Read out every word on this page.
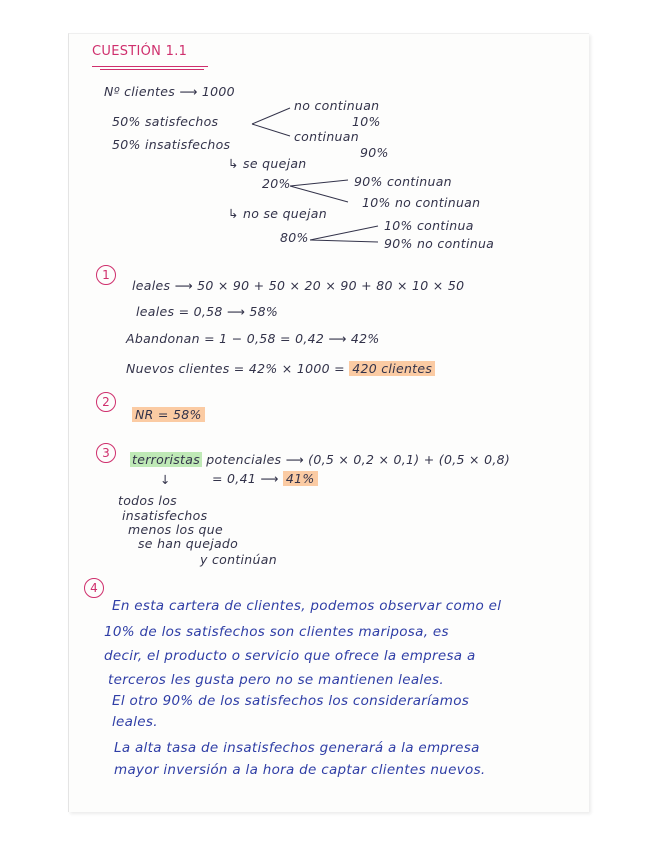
CUESTIÓN 1.1
Nº clientes ⟶ 1000
no continuan
50% satisfechos	10%
continuan
50% insatisfechos
90%
↳ se quejan
20%	90% continuan
10% no continuan
↳ no se quejan
80%
10% continua
90% no continua
1
leales ⟶ 50 × 90 + 50 × 20 × 90 + 80 × 10 × 50
leales = 0,58 ⟶ 58%
Abandonan = 1 − 0,58 = 0,42 ⟶ 42%
Nuevos clientes = 42% × 1000 = 420 clientes
2
NR = 58%
3	terroristas potenciales ⟶ (0,5 × 0,2 × 0,1) + (0,5 × 0,8)
↓	= 0,41 ⟶ 41%
todos los
insatisfechos
menos los que
se han quejado
y continúan
4
En esta cartera de clientes, podemos observar como el
10% de los satisfechos son clientes mariposa, es
decir, el producto o servicio que ofrece la empresa a
terceros les gusta pero no se mantienen leales.
El otro 90% de los satisfechos los consideraríamos
leales.
La alta tasa de insatisfechos generará a la empresa
mayor inversión a la hora de captar clientes nuevos.
